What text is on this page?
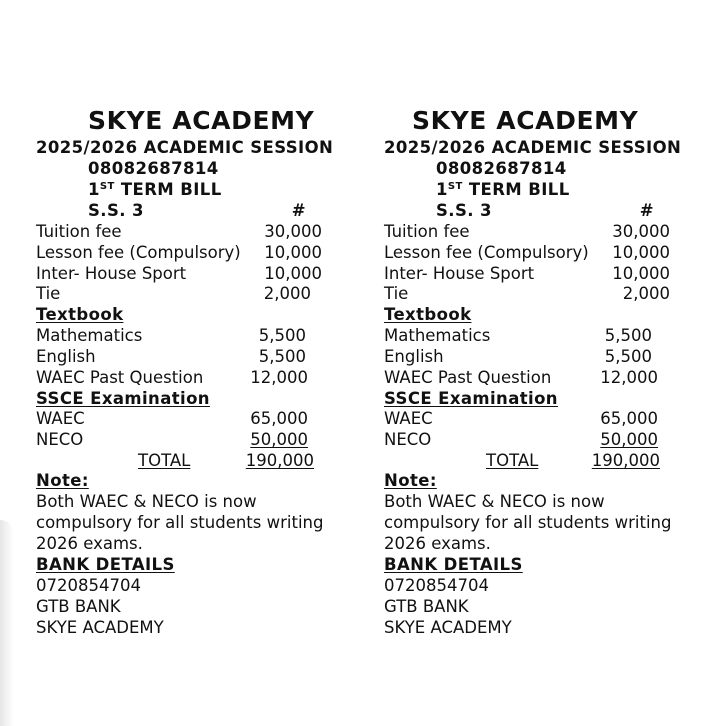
SKYE ACADEMY
2025/2026 ACADEMIC SESSION
08082687814
1ST TERM BILL
S.S. 3	#
Tuition fee	30,000
Lesson fee (Compulsory)	10,000
Inter- House Sport	10,000
Tie	2,000
Textbook
Mathematics	5,500
English	5,500
WAEC Past Question	12,000
SSCE Examination
WAEC	65,000
NECO	50,000
TOTAL	190,000
Note:
Both WAEC & NECO is now
compulsory for all students writing
2026 exams.
BANK DETAILS
0720854704
GTB BANK
SKYE ACADEMY
SKYE ACADEMY
2025/2026 ACADEMIC SESSION
08082687814
1ST TERM BILL
S.S. 3	#
Tuition fee	30,000
Lesson fee (Compulsory)	10,000
Inter- House Sport	10,000
Tie	2,000
Textbook
Mathematics	5,500
English	5,500
WAEC Past Question	12,000
SSCE Examination
WAEC	65,000
NECO	50,000
TOTAL	190,000
Note:
Both WAEC & NECO is now
compulsory for all students writing
2026 exams.
BANK DETAILS
0720854704
GTB BANK
SKYE ACADEMY
